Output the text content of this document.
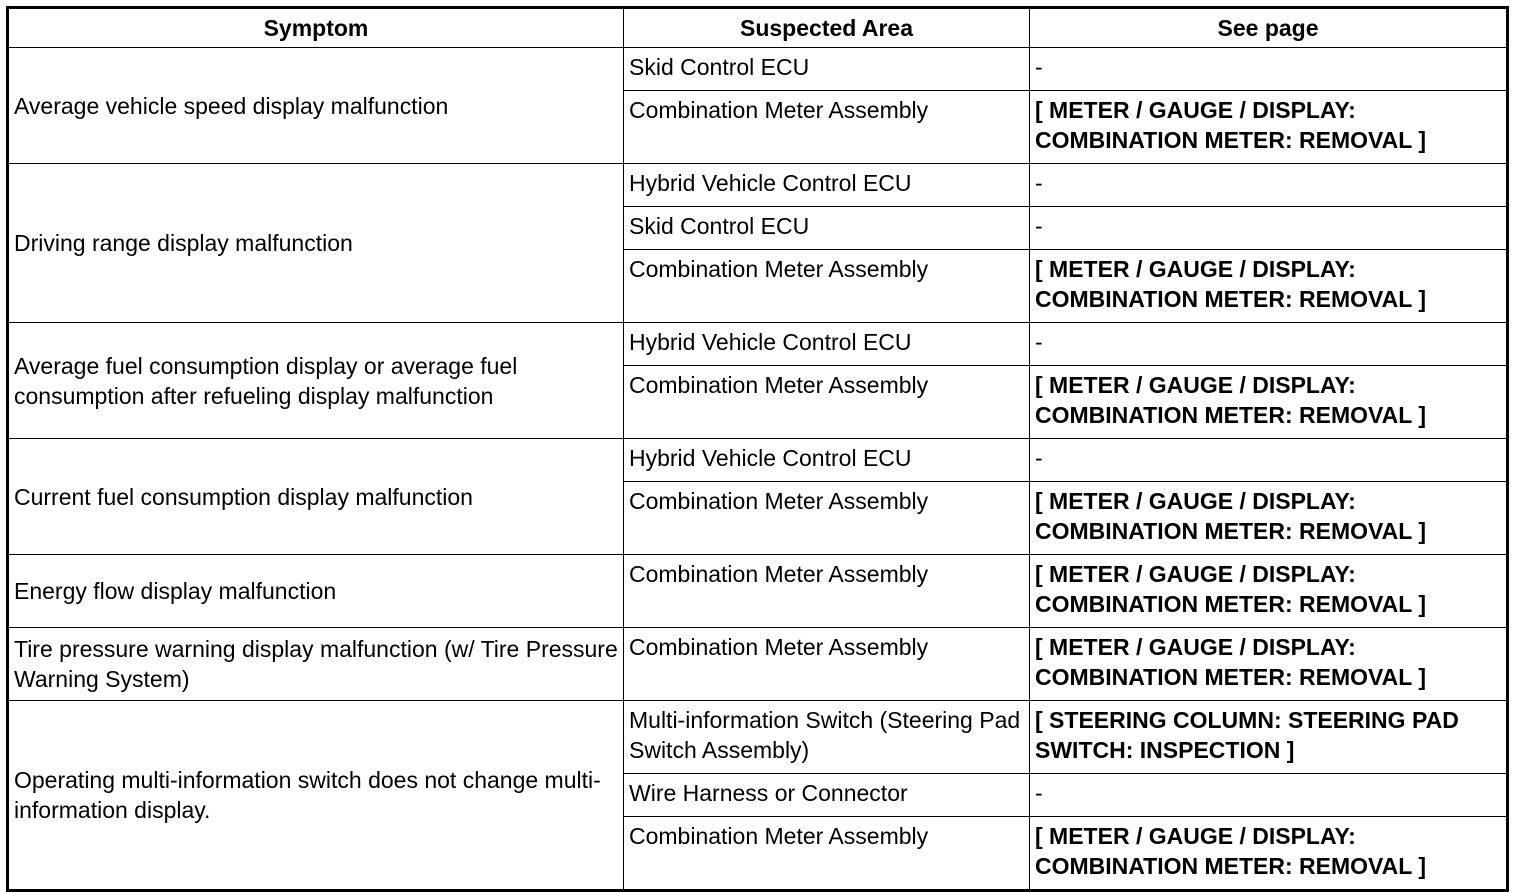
Symptom	Suspected Area	See page
Average vehicle speed display malfunction	Skid Control ECU	-
	Combination Meter Assembly	[ METER / GAUGE / DISPLAY: COMBINATION METER: REMOVAL ]
Driving range display malfunction	Hybrid Vehicle Control ECU	-
	Skid Control ECU	-
	Combination Meter Assembly	[ METER / GAUGE / DISPLAY: COMBINATION METER: REMOVAL ]
Average fuel consumption display or average fuel consumption after refueling display malfunction	Hybrid Vehicle Control ECU	-
	Combination Meter Assembly	[ METER / GAUGE / DISPLAY: COMBINATION METER: REMOVAL ]
Current fuel consumption display malfunction	Hybrid Vehicle Control ECU	-
	Combination Meter Assembly	[ METER / GAUGE / DISPLAY: COMBINATION METER: REMOVAL ]
Energy flow display malfunction	Combination Meter Assembly	[ METER / GAUGE / DISPLAY: COMBINATION METER: REMOVAL ]
Tire pressure warning display malfunction (w/ Tire Pressure Warning System)	Combination Meter Assembly	[ METER / GAUGE / DISPLAY: COMBINATION METER: REMOVAL ]
Operating multi-information switch does not change multi-information display.	Multi-information Switch (Steering Pad Switch Assembly)	[ STEERING COLUMN: STEERING PAD SWITCH: INSPECTION ]
	Wire Harness or Connector	-
	Combination Meter Assembly	[ METER / GAUGE / DISPLAY: COMBINATION METER: REMOVAL ]
